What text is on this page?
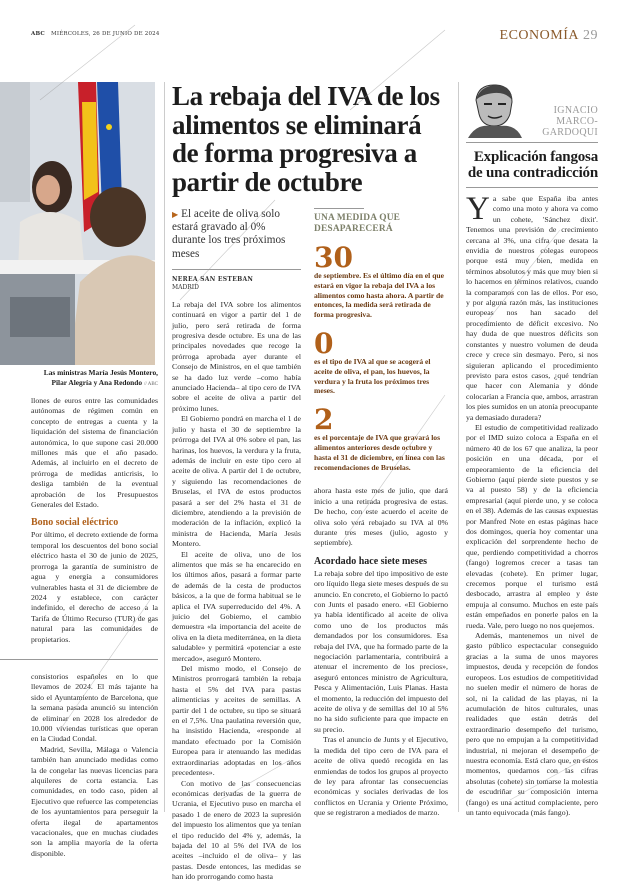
ABC MIÉRCOLES, 26 DE JUNIO DE 2024	ECONOMÍA 29
Las ministras María Jesús Montero, Pilar Alegría y Ana Redondo // ABC

llones de euros entre las comunidades autónomas de régimen común en concepto de entregas a cuenta y la liquidación del sistema de financiación autonómica, lo que supone casi 20.000 millones más que el año pasado. Además, al incluirlo en el decreto de prórroga de medidas anticrisis, lo desliga también de la eventual aprobación de los Presupuestos Generales del Estado.

Bono social eléctrico

Por último, el decreto extiende de forma temporal los descuentos del bono social eléctrico hasta el 30 de junio de 2025, prorroga la garantía de suministro de agua y energía a consumidores vulnerables hasta el 31 de diciembre de 2024 y establece, con carácter indefinido, el derecho de acceso a la Tarifa de Último Recurso (TUR) de gas natural para las comunidades de propietarios.

consistorios españoles en lo que llevamos de 2024. El más tajante ha sido el Ayuntamiento de Barcelona, que la semana pasada anunció su intención de eliminar en 2028 los alrededor de 10.000 viviendas turísticas que operan en la Ciudad Condal.

Madrid, Sevilla, Málaga o Valencia también han anunciado medidas como la de congelar las nuevas licencias para alquileres de corta estancia. Las comunidades, en todo caso, piden al Ejecutivo que refuerce las competencias de los ayuntamientos para perseguir la oferta ilegal de apartamentos vacacionales, que en muchas ciudades son la amplia mayoría de la oferta disponible.

La rebaja del IVA de los alimentos se eliminará de forma progresiva a partir de octubre
▶ El aceite de oliva solo estará gravado al 0% durante los tres próximos meses
NEREA SAN ESTEBAN
MADRID

La rebaja del IVA sobre los alimentos continuará en vigor a partir del 1 de julio, pero será retirada de forma progresiva desde octubre. Es una de las principales novedades que recoge la prórroga aprobada ayer durante el Consejo de Ministros, en el que también se ha dado luz verde –como había anunciado Hacienda– al tipo cero de IVA sobre el aceite de oliva a partir del próximo lunes.

El Gobierno pondrá en marcha el 1 de julio y hasta el 30 de septiembre la prórroga del IVA al 0% sobre el pan, las harinas, los huevos, la verdura y la fruta, además de incluir en este tipo cero al aceite de oliva. A partir del 1 de octubre, y siguiendo las recomendaciones de Bruselas, el IVA de estos productos pasará a ser del 2% hasta el 31 de diciembre, atendiendo a la previsión de moderación de la inflación, explicó la ministra de Hacienda, María Jesús Montero.

El aceite de oliva, uno de los alimentos que más se ha encarecido en los últimos años, pasará a formar parte de además de la cesta de productos básicos, a la que de forma habitual se le aplica el IVA superreducido del 4%. A juicio del Gobierno, el cambio demuestra «la importancia del aceite de oliva en la dieta mediterránea, en la dieta saludable» y permitirá «potenciar a este mercado», aseguró Montero.

Del mismo modo, el Consejo de Ministros prorrogará también la rebaja hasta el 5% del IVA para pastas alimenticias y aceites de semillas. A partir del 1 de octubre, su tipo se situará en el 7,5%. Una paulatina reversión que, ha insistido Hacienda, «responde al mandato efectuado por la Comisión Europea para ir atenuando las medidas extraordinarias adoptadas en los años precedentes».

Con motivo de las consecuencias económicas derivadas de la guerra de Ucrania, el Ejecutivo puso en marcha el pasado 1 de enero de 2023 la supresión del impuesto los alimentos que ya tenían el tipo reducido del 4% y, además, la bajada del 10 al 5% del IVA de los aceites –incluido el de oliva– y las pastas. Desde entonces, las medidas se han ido prorrogando como hasta

UNA MEDIDA QUE DESAPARECERÁ
30
de septiembre. Es el último día en el que estará en vigor la rebaja del IVA a los alimentos como hasta ahora. A partir de entonces, la medida será retirada de forma progresiva.
0
es el tipo de IVA al que se acogerá el aceite de oliva, el pan, los huevos, la verdura y la fruta los próximos tres meses.
2
es el porcentaje de IVA que gravará los alimentos anteriores desde octubre y hasta el 31 de diciembre, en línea con las recomendaciones de Bruselas.

ahora hasta este mes de julio, que dará inicio a una retirada progresiva de estas. De hecho, con este acuerdo el aceite de oliva solo verá rebajado su IVA al 0% durante tres meses (julio, agosto y septiembre).

Acordado hace siete meses

La rebaja sobre del tipo impositivo de este oro líquido llega siete meses después de su anuncio. En concreto, el Gobierno lo pactó con Junts el pasado enero. «El Gobierno ya había identificado al aceite de oliva como uno de los productos más demandados por los consumidores. Esa rebaja del IVA, que ha formado parte de la negociación parlamentaria, contribuirá a atenuar el incremento de los precios», aseguró entonces ministro de Agricultura, Pesca y Alimentación, Luis Planas. Hasta el momento, la reducción del impuesto del aceite de oliva y de semillas del 10 al 5% no ha sido suficiente para que impacte en su precio.

Tras el anuncio de Junts y el Ejecutivo, la medida del tipo cero de IVA para el aceite de oliva quedó recogida en las enmiendas de todos los grupos al proyecto de ley para afrontar las consecuencias económicas y sociales derivadas de los conflictos en Ucrania y Oriente Próximo, que se registraron a mediados de marzo.

IGNACIO MARCO-GARDOQUI
Explicación fangosa de una contradicción

Ya sabe que España iba antes como una moto y ahora va como un cohete, 'Sánchez dixit'. Tenemos una previsión de crecimiento cercana al 3%, una cifra que desata la envidia de nuestros colegas europeos porque está muy bien, medida en términos absolutos y más que muy bien si lo hacemos en términos relativos, cuando la comparamos con las de ellos. Por eso, y por alguna razón más, las instituciones europeas nos han sacado del procedimiento de déficit excesivo. No hay duda de que nuestros déficits son constantes y nuestro volumen de deuda crece y crece sin desmayo. Pero, si nos siguieran aplicando el procedimiento previsto para estos casos, ¿qué tendrían que hacer con Alemania y dónde colocarían a Francia que, ambos, arrastran los pies sumidos en un atonía preocupante ya demasiado duradera?

El estudio de competitividad realizado por el IMD suizo coloca a España en el número 40 de los 67 que analiza, la peor posición en una década, por el empeoramiento de la eficiencia del Gobierno (aquí pierde siete puestos y se va al puesto 58) y de la eficiencia empresarial (aquí pierde uno, y se coloca en el 38). Además de las causas expuestas por Manfred Note en estas páginas hace dos domingos, quería hoy comentar una explicación del sorprendente hecho de que, perdiendo competitividad a chorros (fango) logremos crecer a tasas tan elevadas (cohete). En primer lugar, crecemos porque el turismo está desbocado, arrastra al empleo y éste empuja al consumo. Muchos en este país están empeñados en ponerle palos en la rueda. Vale, pero luego no nos quejemos.

Además, mantenemos un nivel de gasto público espectacular conseguido gracias a la suma de unos mayores impuestos, deuda y recepción de fondos europeos. Los estudios de competitividad no suelen medir el número de horas de sol, ni la calidad de las playas, ni la acumulación de hitos culturales, unas realidades que están detrás del extraordinario desempeño del turismo, pero que no empujan a la competitividad industrial, ni mejoran el desempeño de nuestra economía. Está claro que, en estos momentos, quedarnos con las cifras absolutas (cohete) sin tomarse la molestia de escudriñar su composición interna (fango) es una actitud complaciente, pero un tanto equivocada (más fango).
